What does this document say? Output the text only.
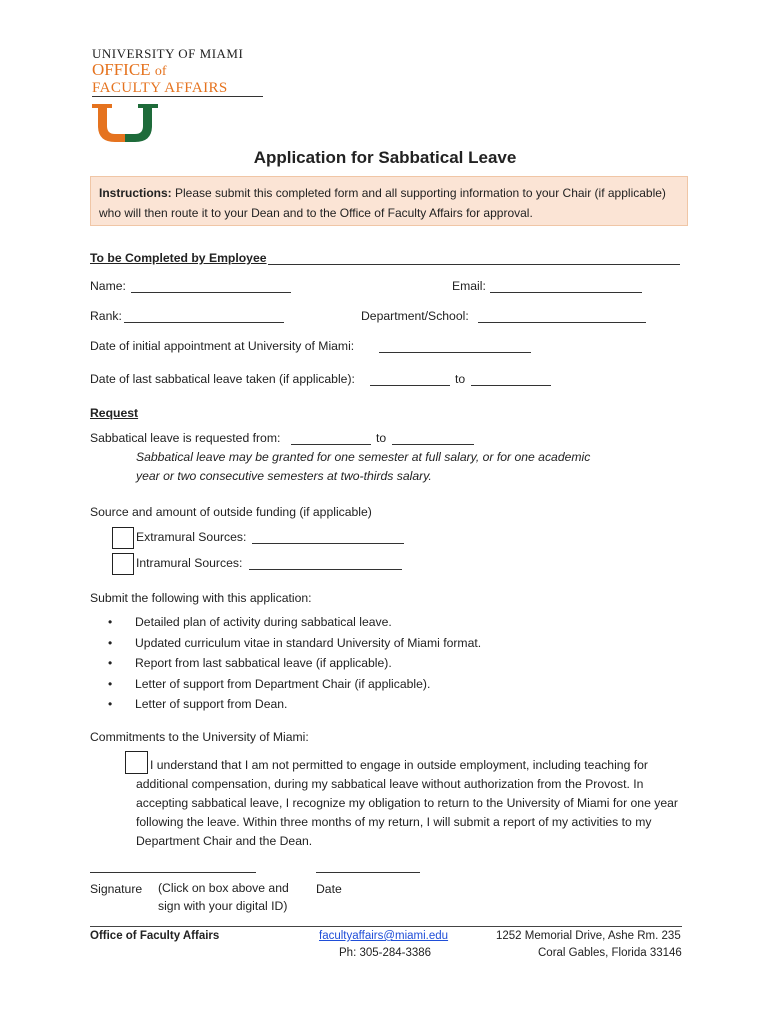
UNIVERSITY OF MIAMI
OFFICE of
FACULTY AFFAIRS
Application for Sabbatical Leave
Instructions: Please submit this completed form and all supporting information to your Chair (if applicable) who will then route it to your Dean and to the Office of Faculty Affairs for approval.
To be Completed by Employee
Name:	Email:
Rank:	Department/School:
Date of initial appointment at University of Miami:
Date of last sabbatical leave taken (if applicable):	to
Request
Sabbatical leave is requested from:	to
Sabbatical leave may be granted for one semester at full salary, or for one academic
year or two consecutive semesters at two-thirds salary.
Source and amount of outside funding (if applicable)
Extramural Sources:
Intramural Sources:
Submit the following with this application:
• Detailed plan of activity during sabbatical leave.
• Updated curriculum vitae in standard University of Miami format.
• Report from last sabbatical leave (if applicable).
• Letter of support from Department Chair (if applicable).
• Letter of support from Dean.
Commitments to the University of Miami:
I understand that I am not permitted to engage in outside employment, including teaching for additional compensation, during my sabbatical leave without authorization from the Provost. In accepting sabbatical leave, I recognize my obligation to return to the University of Miami for one year following the leave. Within three months of my return, I will submit a report of my activities to my Department Chair and the Dean.
Signature (Click on box above and
sign with your digital ID)
Date
Office of Faculty Affairs	facultyaffairs@miami.edu
Ph: 305-284-3386
1252 Memorial Drive, Ashe Rm. 235
Coral Gables, Florida 33146
